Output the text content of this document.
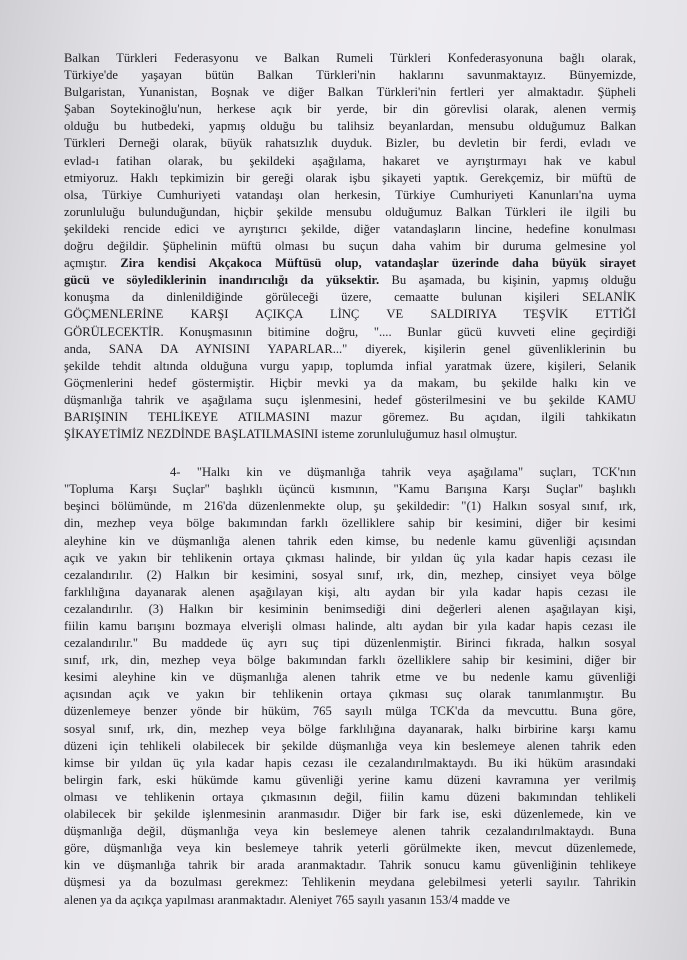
Balkan Türkleri Federasyonu ve Balkan Rumeli Türkleri Konfederasyonuna bağlı olarak,
Türkiye'de yaşayan bütün Balkan Türkleri'nin haklarını savunmaktayız. Bünyemizde,
Bulgaristan, Yunanistan, Boşnak ve diğer Balkan Türkleri'nin fertleri yer almaktadır. Şüpheli
Şaban Soytekinoğlu'nun, herkese açık bir yerde, bir din görevlisi olarak, alenen vermiş
olduğu bu hutbedeki, yapmış olduğu bu talihsiz beyanlardan, mensubu olduğumuz Balkan
Türkleri Derneği olarak, büyük rahatsızlık duyduk. Bizler, bu devletin bir ferdi, evladı ve
evlad-ı fatihan olarak, bu şekildeki aşağılama, hakaret ve ayrıştırmayı hak ve kabul
etmiyoruz. Haklı tepkimizin bir gereği olarak işbu şikayeti yaptık. Gerekçemiz, bir müftü de
olsa, Türkiye Cumhuriyeti vatandaşı olan herkesin, Türkiye Cumhuriyeti Kanunları'na uyma
zorunluluğu bulunduğundan, hiçbir şekilde mensubu olduğumuz Balkan Türkleri ile ilgili bu
şekildeki rencide edici ve ayrıştırıcı şekilde, diğer vatandaşların lincine, hedefine konulması
doğru değildir. Şüphelinin müftü olması bu suçun daha vahim bir duruma gelmesine yol
açmıştır. Zira kendisi Akçakoca Müftüsü olup, vatandaşlar üzerinde daha büyük sirayet
gücü ve söylediklerinin inandırıcılığı da yüksektir. Bu aşamada, bu kişinin, yapmış olduğu
konuşma da dinlenildiğinde görüleceği üzere, cemaatte bulunan kişileri SELANİK
GÖÇMENLERİNE KARŞI AÇIKÇA LİNÇ VE SALDIRIYA TEŞVİK ETTİĞİ
GÖRÜLECEKTİR. Konuşmasının bitimine doğru, ".... Bunlar gücü kuvveti eline geçirdiği
anda, SANA DA AYNISINI YAPARLAR..." diyerek, kişilerin genel güvenliklerinin bu
şekilde tehdit altında olduğuna vurgu yapıp, toplumda infial yaratmak üzere, kişileri, Selanik
Göçmenlerini hedef göstermiştir. Hiçbir mevki ya da makam, bu şekilde halkı kin ve
düşmanlığa tahrik ve aşağılama suçu işlenmesini, hedef gösterilmesini ve bu şekilde KAMU
BARIŞININ TEHLİKEYE ATILMASINI mazur göremez. Bu açıdan, ilgili tahkikatın
ŞİKAYETİMİZ NEZDİNDE BAŞLATILMASINI isteme zorunluluğumuz hasıl olmuştur.
4- "Halkı kin ve düşmanlığa tahrik veya aşağılama" suçları, TCK'nın
"Topluma Karşı Suçlar" başlıklı üçüncü kısmının, "Kamu Barışına Karşı Suçlar" başlıklı
beşinci bölümünde, m 216'da düzenlenmekte olup, şu şekildedir: "(1) Halkın sosyal sınıf, ırk,
din, mezhep veya bölge bakımından farklı özelliklere sahip bir kesimini, diğer bir kesimi
aleyhine kin ve düşmanlığa alenen tahrik eden kimse, bu nedenle kamu güvenliği açısından
açık ve yakın bir tehlikenin ortaya çıkması halinde, bir yıldan üç yıla kadar hapis cezası ile
cezalandırılır. (2) Halkın bir kesimini, sosyal sınıf, ırk, din, mezhep, cinsiyet veya bölge
farklılığına dayanarak alenen aşağılayan kişi, altı aydan bir yıla kadar hapis cezası ile
cezalandırılır. (3) Halkın bir kesiminin benimsediği dini değerleri alenen aşağılayan kişi,
fiilin kamu barışını bozmaya elverişli olması halinde, altı aydan bir yıla kadar hapis cezası ile
cezalandırılır." Bu maddede üç ayrı suç tipi düzenlenmiştir. Birinci fıkrada, halkın sosyal
sınıf, ırk, din, mezhep veya bölge bakımından farklı özelliklere sahip bir kesimini, diğer bir
kesimi aleyhine kin ve düşmanlığa alenen tahrik etme ve bu nedenle kamu güvenliği
açısından açık ve yakın bir tehlikenin ortaya çıkması suç olarak tanımlanmıştır. Bu
düzenlemeye benzer yönde bir hüküm, 765 sayılı mülga TCK'da da mevcuttu. Buna göre,
sosyal sınıf, ırk, din, mezhep veya bölge farklılığına dayanarak, halkı birbirine karşı kamu
düzeni için tehlikeli olabilecek bir şekilde düşmanlığa veya kin beslemeye alenen tahrik eden
kimse bir yıldan üç yıla kadar hapis cezası ile cezalandırılmaktaydı. Bu iki hüküm arasındaki
belirgin fark, eski hükümde kamu güvenliği yerine kamu düzeni kavramına yer verilmiş
olması ve tehlikenin ortaya çıkmasının değil, fiilin kamu düzeni bakımından tehlikeli
olabilecek bir şekilde işlenmesinin aranmasıdır. Diğer bir fark ise, eski düzenlemede, kin ve
düşmanlığa değil, düşmanlığa veya kin beslemeye alenen tahrik cezalandırılmaktaydı. Buna
göre, düşmanlığa veya kin beslemeye tahrik yeterli görülmekte iken, mevcut düzenlemede,
kin ve düşmanlığa tahrik bir arada aranmaktadır. Tahrik sonucu kamu güvenliğinin tehlikeye
düşmesi ya da bozulması gerekmez: Tehlikenin meydana gelebilmesi yeterli sayılır. Tahrikin
alenen ya da açıkça yapılması aranmaktadır. Aleniyet 765 sayılı yasanın 153/4 madde ve
